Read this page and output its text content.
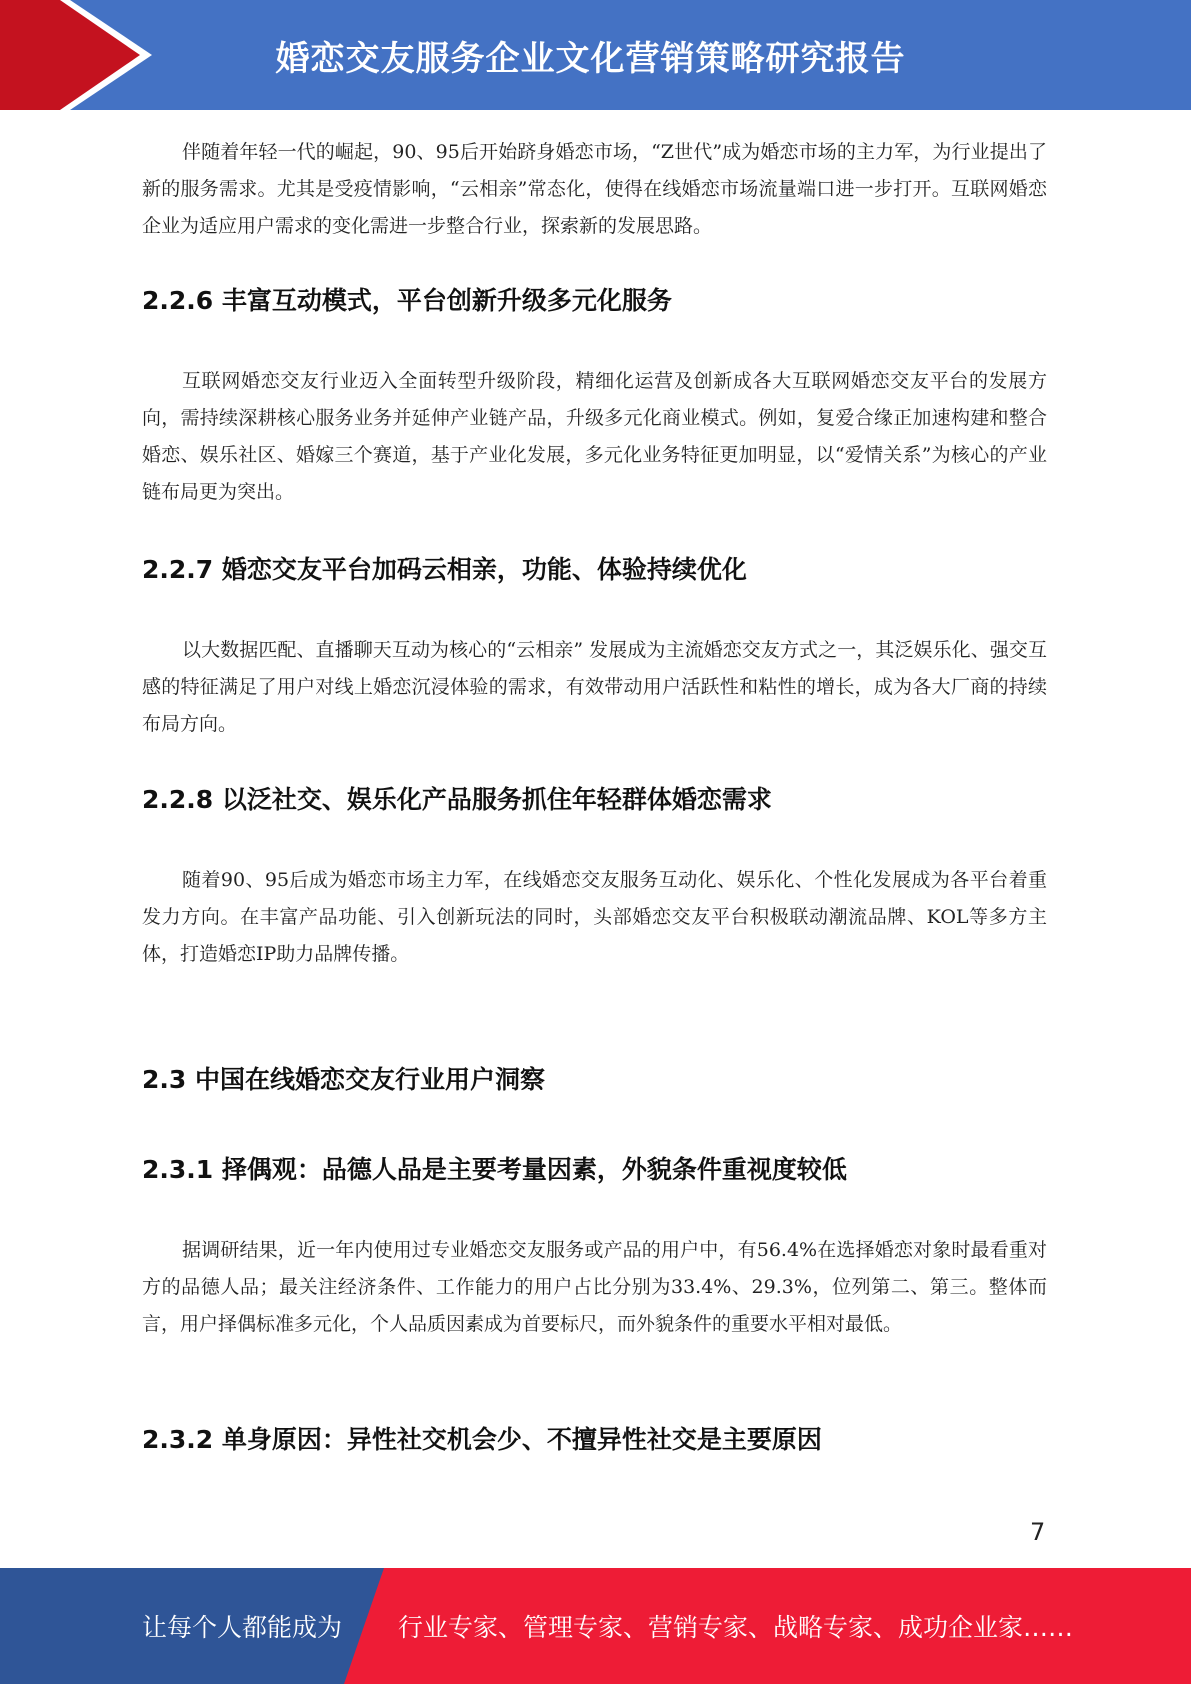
婚恋交友服务企业文化营销策略研究报告

伴随着年轻一代的崛起，90、95后开始跻身婚恋市场，“Z世代”成为婚恋市场的主力军，为行业提出了新的服务需求。尤其是受疫情影响，“云相亲”常态化，使得在线婚恋市场流量端口进一步打开。互联网婚恋企业为适应用户需求的变化需进一步整合行业，探索新的发展思路。

2.2.6 丰富互动模式，平台创新升级多元化服务

互联网婚恋交友行业迈入全面转型升级阶段，精细化运营及创新成各大互联网婚恋交友平台的发展方向，需持续深耕核心服务业务并延伸产业链产品，升级多元化商业模式。例如，复爱合缘正加速构建和整合婚恋、娱乐社区、婚嫁三个赛道，基于产业化发展，多元化业务特征更加明显，以“爱情关系”为核心的产业链布局更为突出。

2.2.7 婚恋交友平台加码云相亲，功能、体验持续优化

以大数据匹配、直播聊天互动为核心的“云相亲” 发展成为主流婚恋交友方式之一，其泛娱乐化、强交互感的特征满足了用户对线上婚恋沉浸体验的需求，有效带动用户活跃性和粘性的增长，成为各大厂商的持续布局方向。

2.2.8 以泛社交、娱乐化产品服务抓住年轻群体婚恋需求

随着90、95后成为婚恋市场主力军，在线婚恋交友服务互动化、娱乐化、个性化发展成为各平台着重发力方向。在丰富产品功能、引入创新玩法的同时，头部婚恋交友平台积极联动潮流品牌、KOL等多方主体，打造婚恋IP助力品牌传播。

2.3 中国在线婚恋交友行业用户洞察
2.3.1 择偶观：品德人品是主要考量因素，外貌条件重视度较低

据调研结果，近一年内使用过专业婚恋交友服务或产品的用户中，有56.4%在选择婚恋对象时最看重对方的品德人品；最关注经济条件、工作能力的用户占比分别为33.4%、29.3%，位列第二、第三。整体而言，用户择偶标准多元化，个人品质因素成为首要标尺，而外貌条件的重要水平相对最低。

2.3.2 单身原因：异性社交机会少、不擅异性社交是主要原因
7
让每个人都能成为 行业专家、管理专家、营销专家、战略专家、成功企业家……
